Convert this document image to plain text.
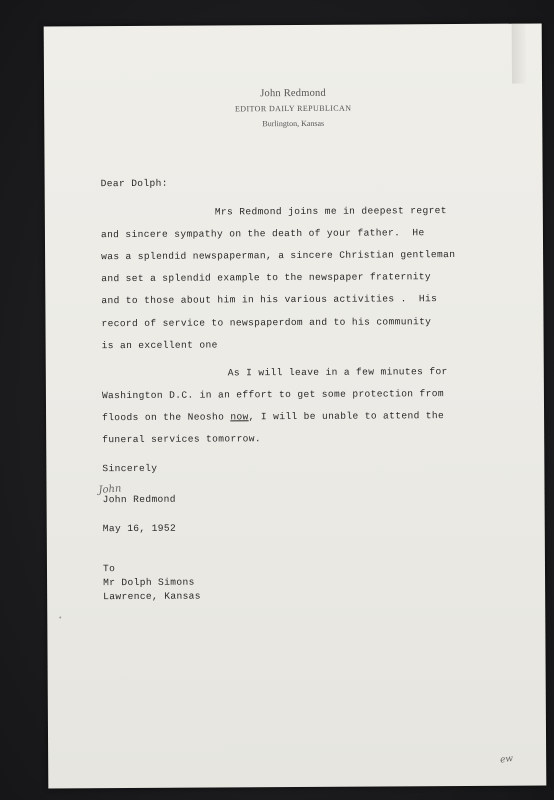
John Redmond
EDITOR DAILY REPUBLICAN
Burlington, Kansas
Dear Dolph:
Mrs Redmond joins me in deepest regret
and sincere sympathy on the death of your father.  He
was a splendid newspaperman, a sincere Christian gentleman
and set a splendid example to the newspaper fraternity
and to those about him in his various activities .  His
record of service to newspaperdom and to his community
is an excellent one
As I will leave in a few minutes for
Washington D.C. in an effort to get some protection from
floods on the Neosho now, I will be unable to attend the
funeral services tomorrow.
Sincerely
John
John Redmond
May 16, 1952
To
Mr Dolph Simons
Lawrence, Kansas
ew
